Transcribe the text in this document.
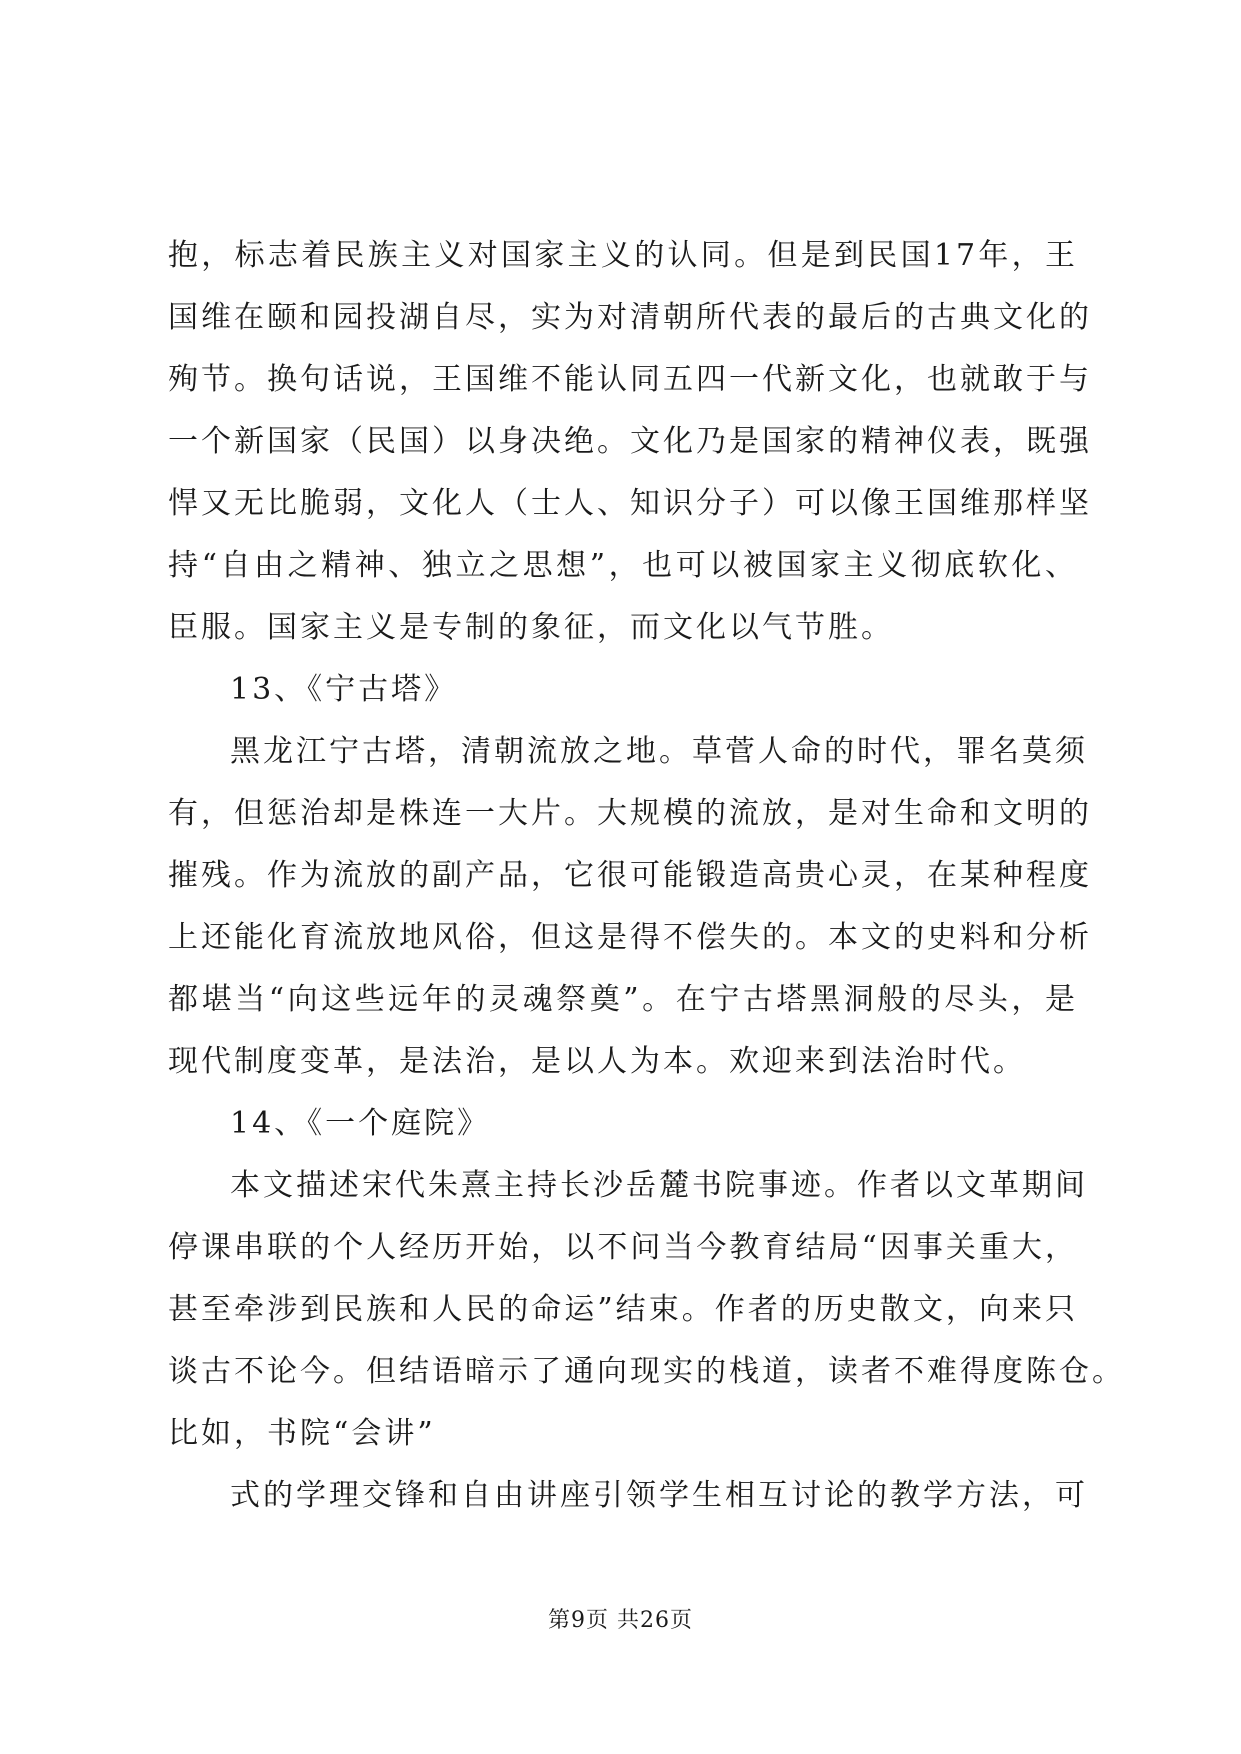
抱，标志着民族主义对国家主义的认同。但是到民国17年，王
国维在颐和园投湖自尽，实为对清朝所代表的最后的古典文化的
殉节。换句话说，王国维不能认同五四一代新文化，也就敢于与
一个新国家（民国）以身决绝。文化乃是国家的精神仪表，既强
悍又无比脆弱，文化人（士人、知识分子）可以像王国维那样坚
持“自由之精神、独立之思想”，也可以被国家主义彻底软化、
臣服。国家主义是专制的象征，而文化以气节胜。
13、《宁古塔》
黑龙江宁古塔，清朝流放之地。草菅人命的时代，罪名莫须
有，但惩治却是株连一大片。大规模的流放，是对生命和文明的
摧残。作为流放的副产品，它很可能锻造高贵心灵，在某种程度
上还能化育流放地风俗，但这是得不偿失的。本文的史料和分析
都堪当“向这些远年的灵魂祭奠”。在宁古塔黑洞般的尽头，是
现代制度变革，是法治，是以人为本。欢迎来到法治时代。
14、《一个庭院》
本文描述宋代朱熹主持长沙岳麓书院事迹。作者以文革期间
停课串联的个人经历开始，以不问当今教育结局“因事关重大，
甚至牵涉到民族和人民的命运”结束。作者的历史散文，向来只
谈古不论今。但结语暗示了通向现实的栈道，读者不难得度陈仓。
比如，书院“会讲”
式的学理交锋和自由讲座引领学生相互讨论的教学方法，可
第9页 共26页
